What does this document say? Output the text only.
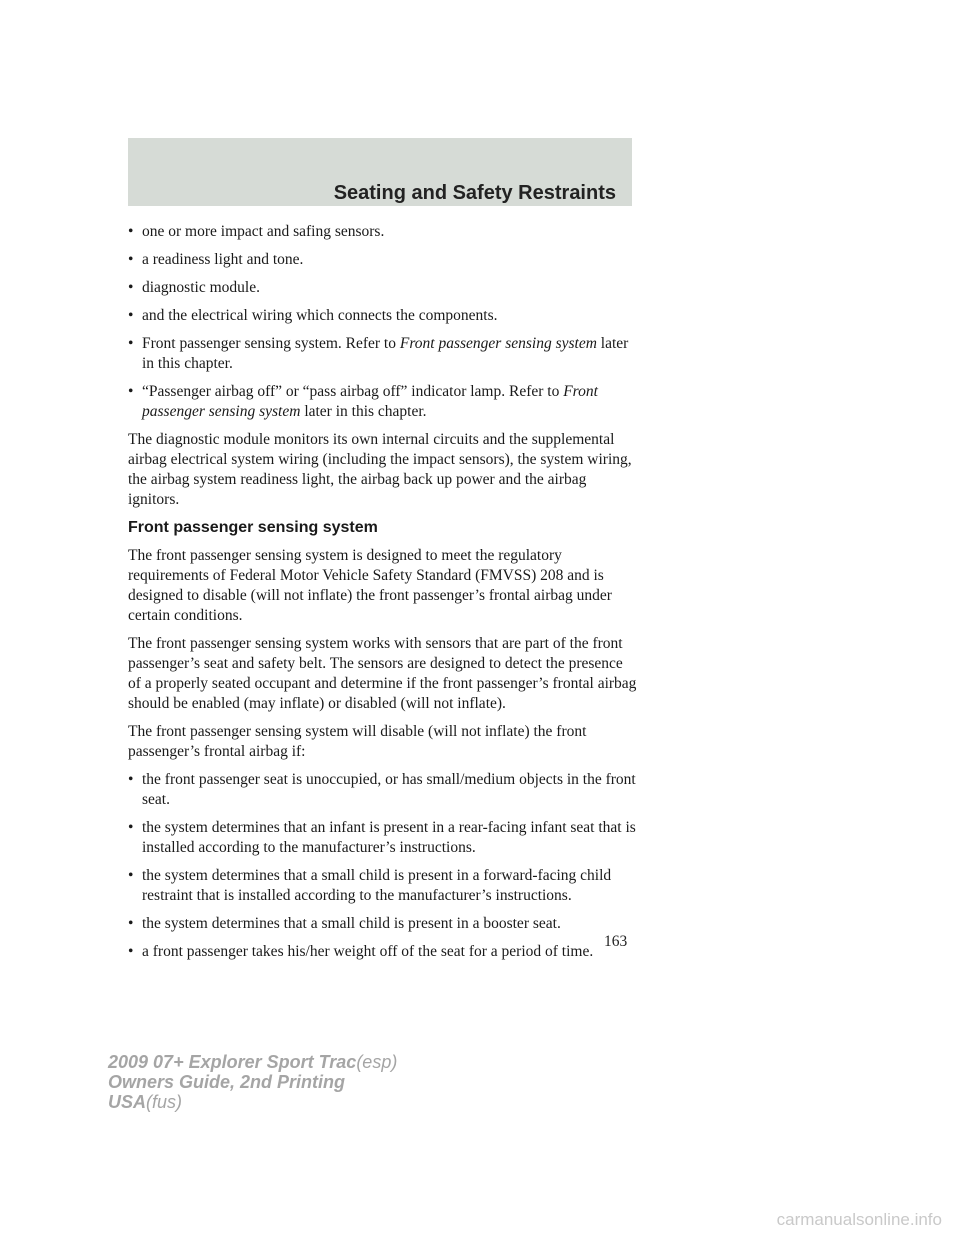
Seating and Safety Restraints
• one or more impact and safing sensors.
• a readiness light and tone.
• diagnostic module.
• and the electrical wiring which connects the components.
• Front passenger sensing system. Refer to Front passenger sensing system later in this chapter.
• “Passenger airbag off” or “pass airbag off” indicator lamp. Refer to Front passenger sensing system later in this chapter.

The diagnostic module monitors its own internal circuits and the supplemental airbag electrical system wiring (including the impact sensors), the system wiring, the airbag system readiness light, the airbag back up power and the airbag ignitors.

Front passenger sensing system

The front passenger sensing system is designed to meet the regulatory requirements of Federal Motor Vehicle Safety Standard (FMVSS) 208 and is designed to disable (will not inflate) the front passenger’s frontal airbag under certain conditions.

The front passenger sensing system works with sensors that are part of the front passenger’s seat and safety belt. The sensors are designed to detect the presence of a properly seated occupant and determine if the front passenger’s frontal airbag should be enabled (may inflate) or disabled (will not inflate).

The front passenger sensing system will disable (will not inflate) the front passenger’s frontal airbag if:

• the front passenger seat is unoccupied, or has small/medium objects in the front seat.
• the system determines that an infant is present in a rear-facing infant seat that is installed according to the manufacturer’s instructions.
• the system determines that a small child is present in a forward-facing child restraint that is installed according to the manufacturer’s instructions.
• the system determines that a small child is present in a booster seat.
• a front passenger takes his/her weight off of the seat for a period of time.
163
2009 07+ Explorer Sport Trac(esp)
Owners Guide, 2nd Printing
USA(fus)
carmanualsonline.info
